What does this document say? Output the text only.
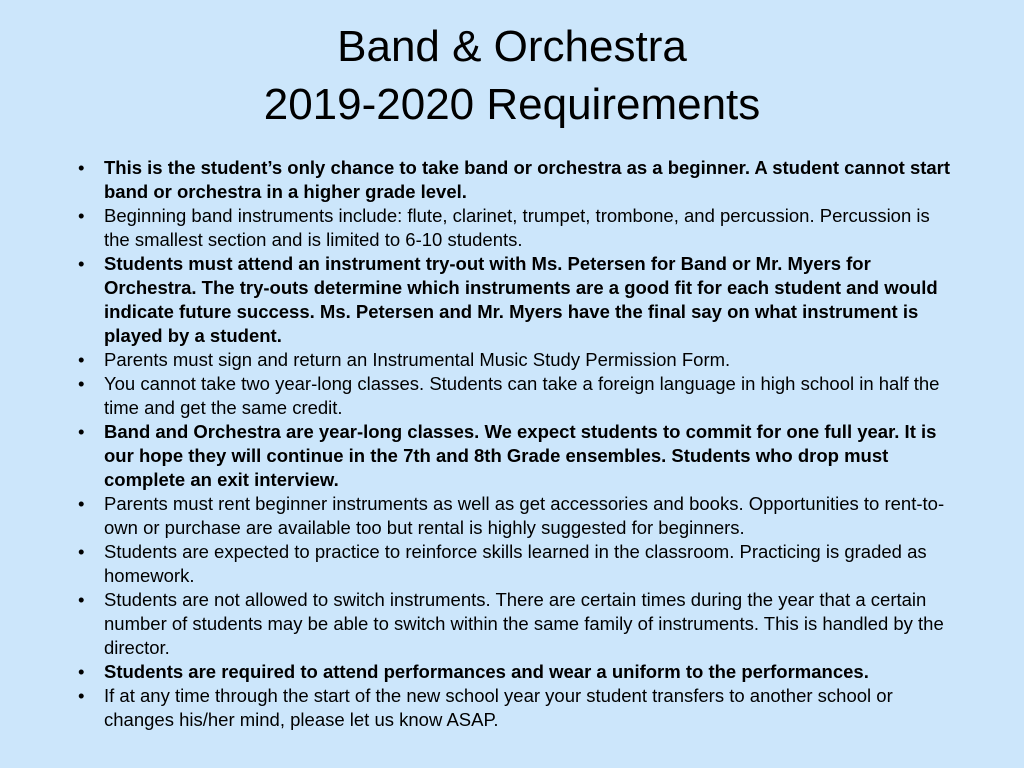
Band & Orchestra
2019-2020 Requirements
• This is the student’s only chance to take band or orchestra as a beginner. A student cannot start band or orchestra in a higher grade level.
• Beginning band instruments include: flute, clarinet, trumpet, trombone, and percussion. Percussion is the smallest section and is limited to 6-10 students.
• Students must attend an instrument try-out with Ms. Petersen for Band or Mr. Myers for Orchestra. The try-outs determine which instruments are a good fit for each student and would indicate future success. Ms. Petersen and Mr. Myers have the final say on what instrument is played by a student.
• Parents must sign and return an Instrumental Music Study Permission Form.
• You cannot take two year-long classes. Students can take a foreign language in high school in half the time and get the same credit.
• Band and Orchestra are year-long classes. We expect students to commit for one full year. It is our hope they will continue in the 7th and 8th Grade ensembles. Students who drop must complete an exit interview.
• Parents must rent beginner instruments as well as get accessories and books. Opportunities to rent-to-own or purchase are available too but rental is highly suggested for beginners.
• Students are expected to practice to reinforce skills learned in the classroom. Practicing is graded as homework.
• Students are not allowed to switch instruments. There are certain times during the year that a certain number of students may be able to switch within the same family of instruments. This is handled by the director.
• Students are required to attend performances and wear a uniform to the performances.
• If at any time through the start of the new school year your student transfers to another school or changes his/her mind, please let us know ASAP.
